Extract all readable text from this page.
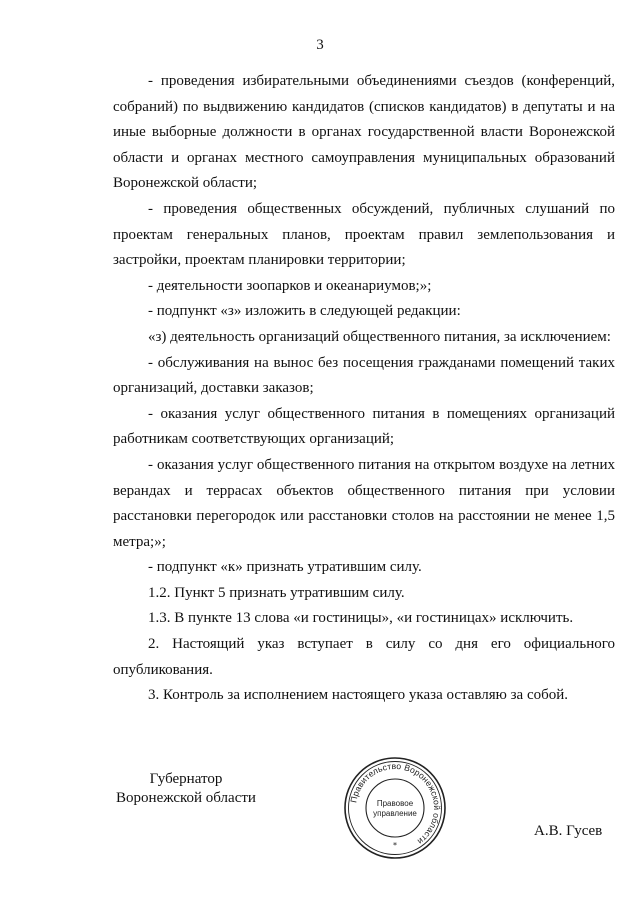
3

- проведения избирательными объединениями съездов (конференций, собраний) по выдвижению кандидатов (списков кандидатов) в депутаты и на иные выборные должности в органах государственной власти Воронежской области и органах местного самоуправления муниципальных образований Воронежской области;

- проведения общественных обсуждений, публичных слушаний по проектам генеральных планов, проектам правил землепользования и застройки, проектам планировки территории;

- деятельности зоопарков и океанариумов;»;

- подпункт «з» изложить в следующей редакции:

«з) деятельность организаций общественного питания, за исключением:

- обслуживания на вынос без посещения гражданами помещений таких организаций, доставки заказов;

- оказания услуг общественного питания в помещениях организаций работникам соответствующих организаций;

- оказания услуг общественного питания на открытом воздухе на летних верандах и террасах объектов общественного питания при условии расстановки перегородок или расстановки столов на расстоянии не менее 1,5 метра;»;

- подпункт «к» признать утратившим силу.

1.2. Пункт 5 признать утратившим силу.

1.3. В пункте 13 слова «и гостиницы», «и гостиницах» исключить.

2. Настоящий указ вступает в силу со дня его официального опубликования.

3. Контроль за исполнением настоящего указа оставляю за собой.

Губернатор
Воронежской области	Правительство Воронежской области
Правовое
управление
*
А.В. Гусев
